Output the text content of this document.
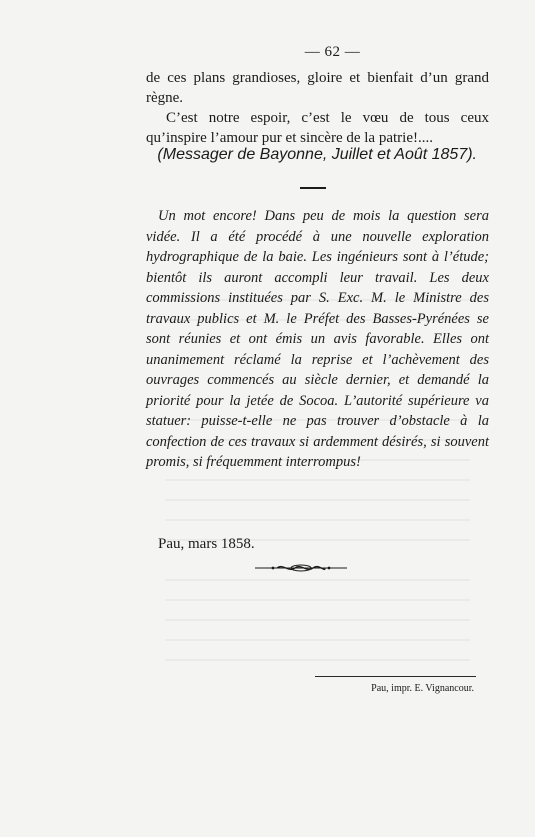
— 62 —

de ces plans grandioses, gloire et bienfait d’un grand règne.

C’est notre espoir, c’est le vœu de tous ceux qu’inspire l’amour pur et sincère de la patrie!....

(Messager de Bayonne, Juillet et Août 1857).

Un mot encore! Dans peu de mois la question sera vidée. Il a été procédé à une nouvelle exploration hydrographique de la baie. Les ingénieurs sont à l’étude; bientôt ils auront accompli leur travail. Les deux commissions instituées par S. Exc. M. le Ministre des travaux publics et M. le Préfet des Basses-Pyrénées se sont réunies et ont émis un avis favorable. Elles ont unanimement réclamé la reprise et l’achèvement des ouvrages commencés au siècle dernier, et demandé la priorité pour la jetée de Socoa. L’autorité supérieure va statuer: puisse-t-elle ne pas trouver d’obstacle à la confection de ces travaux si ardemment désirés, si souvent promis, si fréquemment interrompus!

Pau, mars 1858.
Pau, impr. E. Vignancour.
